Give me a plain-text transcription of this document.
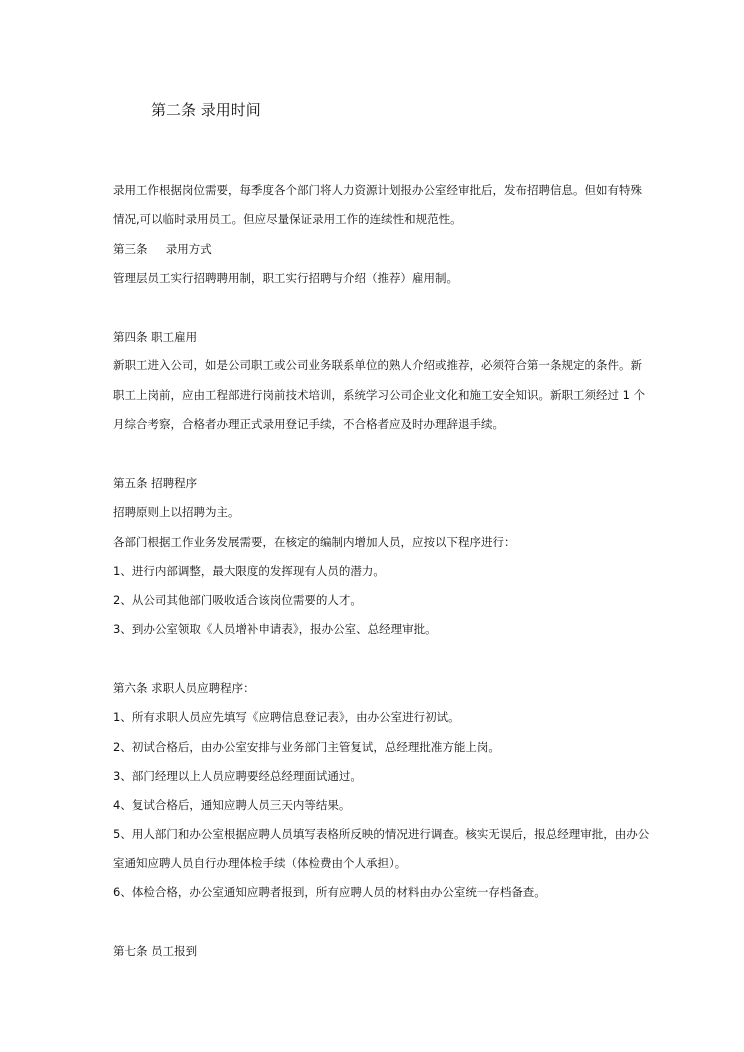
第二条 录用时间
录用工作根据岗位需要，每季度各个部门将人力资源计划报办公室经审批后，发布招聘信息。但如有特殊
情况,可以临时录用员工。但应尽量保证录用工作的连续性和规范性。
第三条     录用方式
管理层员工实行招聘聘用制，职工实行招聘与介绍（推荐）雇用制。
第四条 职工雇用
新职工进入公司，如是公司职工或公司业务联系单位的熟人介绍或推荐，必须符合第一条规定的条件。新
职工上岗前，应由工程部进行岗前技术培训，系统学习公司企业文化和施工安全知识。新职工须经过 1 个
月综合考察，合格者办理正式录用登记手续，不合格者应及时办理辞退手续。
第五条 招聘程序
招聘原则上以招聘为主。
各部门根据工作业务发展需要，在核定的编制内增加人员，应按以下程序进行：
1、进行内部调整，最大限度的发挥现有人员的潜力。
2、从公司其他部门吸收适合该岗位需要的人才。
3、到办公室领取《人员增补申请表》，报办公室、总经理审批。
第六条 求职人员应聘程序：
1、所有求职人员应先填写《应聘信息登记表》，由办公室进行初试。
2、初试合格后，由办公室安排与业务部门主管复试，总经理批准方能上岗。
3、部门经理以上人员应聘要经总经理面试通过。
4、复试合格后，通知应聘人员三天内等结果。
5、用人部门和办公室根据应聘人员填写表格所反映的情况进行调查。核实无误后，报总经理审批，由办公
室通知应聘人员自行办理体检手续（体检费由个人承担）。
6、体检合格，办公室通知应聘者报到，所有应聘人员的材料由办公室统一存档备查。
第七条 员工报到
